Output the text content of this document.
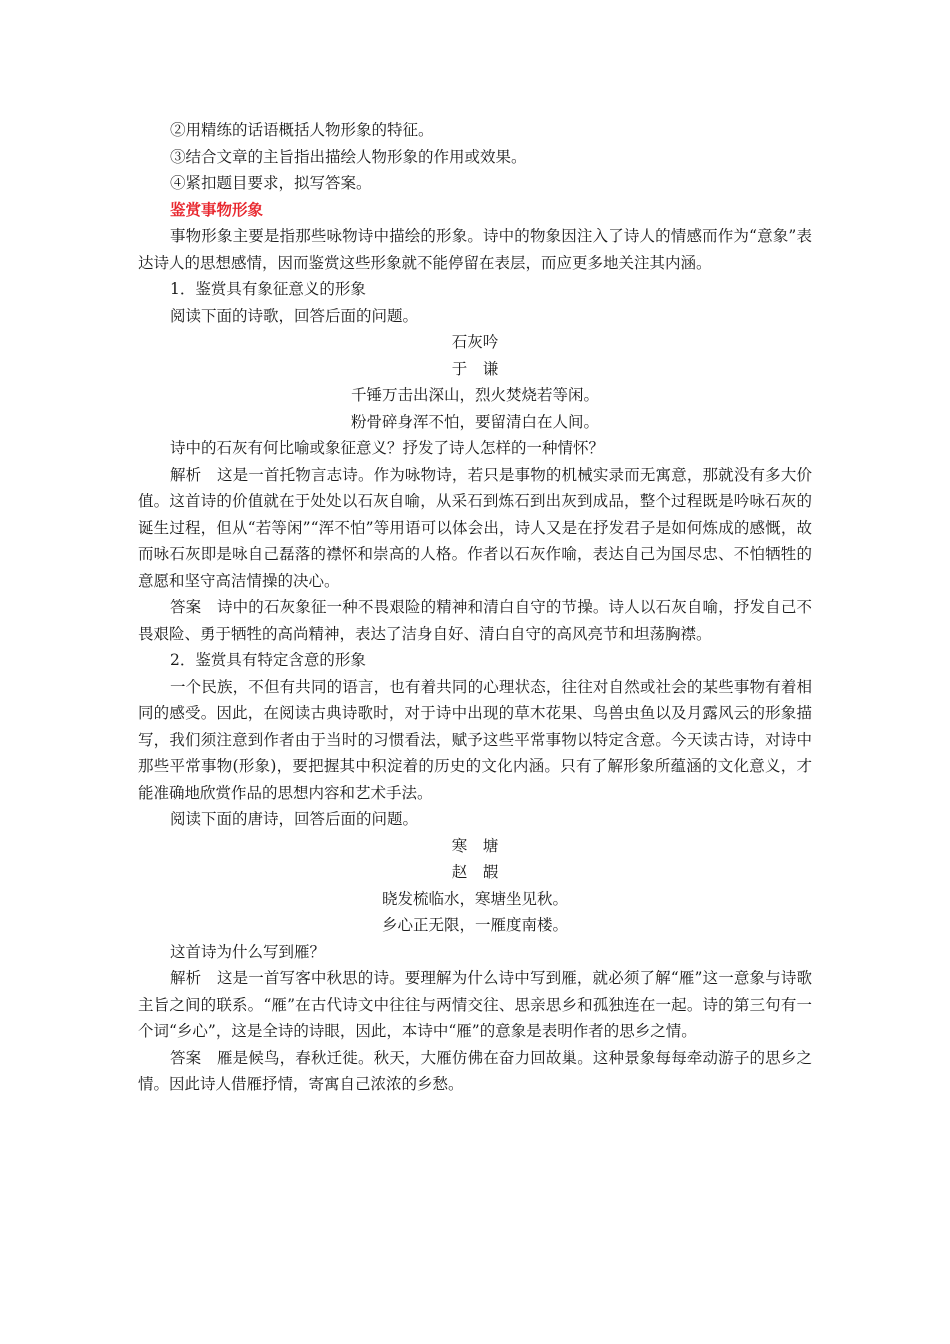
②用精练的话语概括人物形象的特征。

③结合文章的主旨指出描绘人物形象的作用或效果。

④紧扣题目要求，拟写答案。

鉴赏事物形象

事物形象主要是指那些咏物诗中描绘的形象。诗中的物象因注入了诗人的情感而作为“意象”表达诗人的思想感情，因而鉴赏这些形象就不能停留在表层，而应更多地关注其内涵。

1．鉴赏具有象征意义的形象

阅读下面的诗歌，回答后面的问题。

石灰吟

于　谦

千锤万击出深山，烈火焚烧若等闲。

粉骨碎身浑不怕，要留清白在人间。

诗中的石灰有何比喻或象征意义？抒发了诗人怎样的一种情怀？

解析　这是一首托物言志诗。作为咏物诗，若只是事物的机械实录而无寓意，那就没有多大价值。这首诗的价值就在于处处以石灰自喻，从采石到炼石到出灰到成品，整个过程既是吟咏石灰的诞生过程，但从“若等闲”“浑不怕”等用语可以体会出，诗人又是在抒发君子是如何炼成的感慨，故而咏石灰即是咏自己磊落的襟怀和崇高的人格。作者以石灰作喻，表达自己为国尽忠、不怕牺牲的意愿和坚守高洁情操的决心。

答案　诗中的石灰象征一种不畏艰险的精神和清白自守的节操。诗人以石灰自喻，抒发自己不畏艰险、勇于牺牲的高尚精神，表达了洁身自好、清白自守的高风亮节和坦荡胸襟。

2．鉴赏具有特定含意的形象

一个民族，不但有共同的语言，也有着共同的心理状态，往往对自然或社会的某些事物有着相同的感受。因此，在阅读古典诗歌时，对于诗中出现的草木花果、鸟兽虫鱼以及月露风云的形象描写，我们须注意到作者由于当时的习惯看法，赋予这些平常事物以特定含意。今天读古诗，对诗中那些平常事物(形象)，要把握其中积淀着的历史的文化内涵。只有了解形象所蕴涵的文化意义，才能准确地欣赏作品的思想内容和艺术手法。

阅读下面的唐诗，回答后面的问题。

寒　塘

赵　嘏

晓发梳临水，寒塘坐见秋。

乡心正无限，一雁度南楼。

这首诗为什么写到雁？

解析　这是一首写客中秋思的诗。要理解为什么诗中写到雁，就必须了解“雁”这一意象与诗歌主旨之间的联系。“雁”在古代诗文中往往与两情交往、思亲思乡和孤独连在一起。诗的第三句有一个词“乡心”，这是全诗的诗眼，因此，本诗中“雁”的意象是表明作者的思乡之情。

答案　雁是候鸟，春秋迁徙。秋天，大雁仿佛在奋力回故巢。这种景象每每牵动游子的思乡之情。因此诗人借雁抒情，寄寓自己浓浓的乡愁。
